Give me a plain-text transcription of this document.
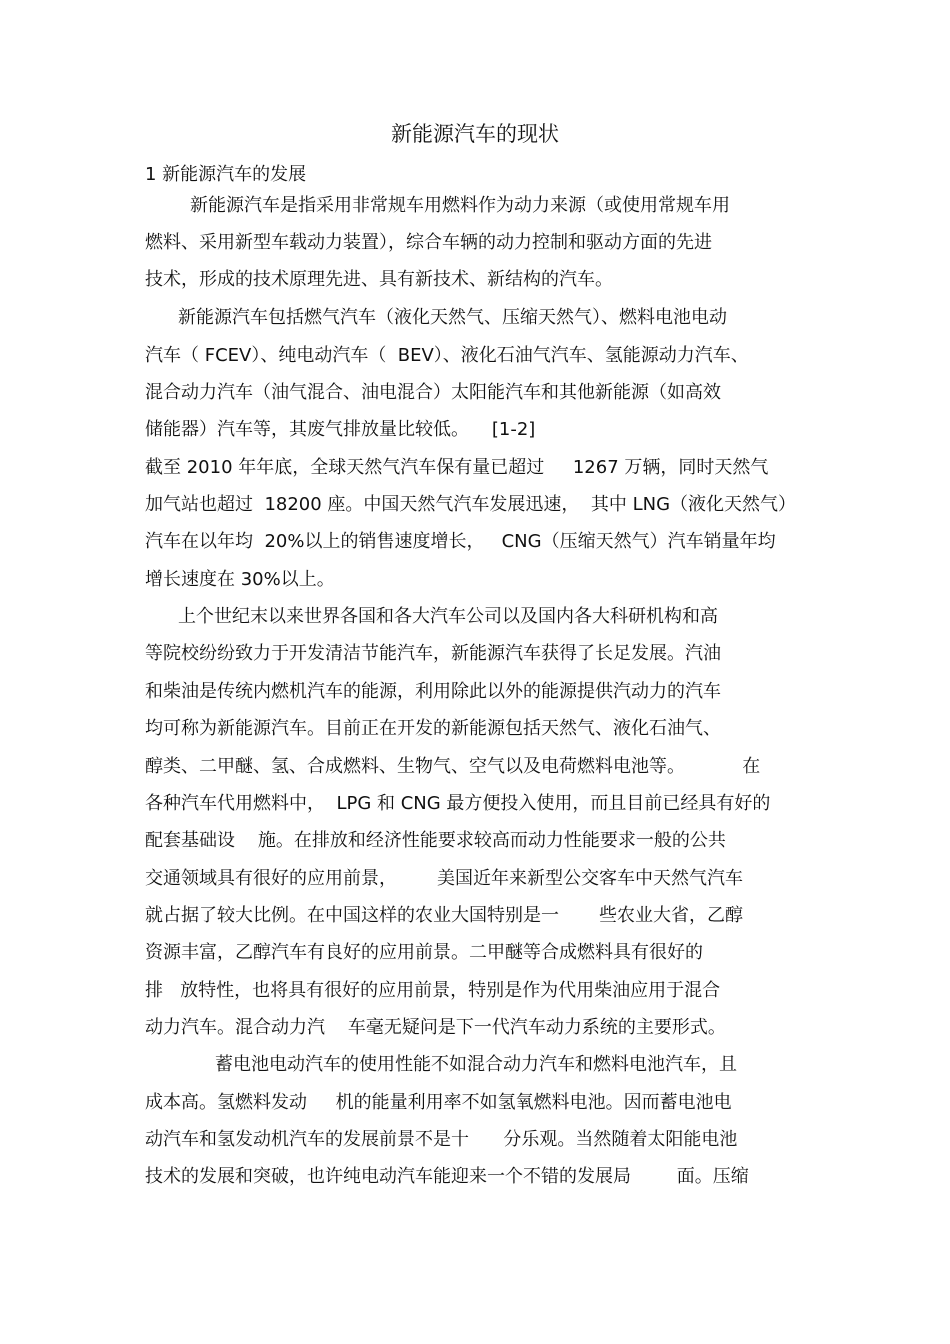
新能源汽车的现状
1 新能源汽车的发展
新能源汽车是指采用非常规车用燃料作为动力来源（或使用常规车用
燃料、采用新型车载动力装置），综合车辆的动力控制和驱动方面的先进
技术，形成的技术原理先进、具有新技术、新结构的汽车。
新能源汽车包括燃气汽车（液化天然气、压缩天然气）、燃料电池电动
汽车（ FCEV）、纯电动汽车（  BEV）、液化石油气汽车、氢能源动力汽车、
混合动力汽车（油气混合、油电混合）太阳能汽车和其他新能源（如高效
储能器）汽车等，其废气排放量比较低。    [1-2]
截至 2010 年年底，全球天然气汽车保有量已超过     1267 万辆，同时天然气
加气站也超过  18200 座。中国天然气汽车发展迅速，  其中 LNG（液化天然气）
汽车在以年均  20%以上的销售速度增长，   CNG（压缩天然气）汽车销量年均
增长速度在 30%以上。
上个世纪末以来世界各国和各大汽车公司以及国内各大科研机构和高
等院校纷纷致力于开发清洁节能汽车，新能源汽车获得了长足发展。汽油
和柴油是传统内燃机汽车的能源，利用除此以外的能源提供汽动力的汽车
均可称为新能源汽车。目前正在开发的新能源包括天然气、液化石油气、
醇类、二甲醚、氢、合成燃料、生物气、空气以及电荷燃料电池等。          在
各种汽车代用燃料中，  LPG 和 CNG 最方便投入使用，而且目前已经具有好的
配套基础设    施。在排放和经济性能要求较高而动力性能要求一般的公共
交通领域具有很好的应用前景，       美国近年来新型公交客车中天然气汽车
就占据了较大比例。在中国这样的农业大国特别是一       些农业大省，乙醇
资源丰富，乙醇汽车有良好的应用前景。二甲醚等合成燃料具有很好的
排   放特性，也将具有很好的应用前景，特别是作为代用柴油应用于混合
动力汽车。混合动力汽    车毫无疑问是下一代汽车动力系统的主要形式。
蓄电池电动汽车的使用性能不如混合动力汽车和燃料电池汽车，且
成本高。氢燃料发动     机的能量利用率不如氢氧燃料电池。因而蓄电池电
动汽车和氢发动机汽车的发展前景不是十      分乐观。当然随着太阳能电池
技术的发展和突破，也许纯电动汽车能迎来一个不错的发展局        面。压缩
